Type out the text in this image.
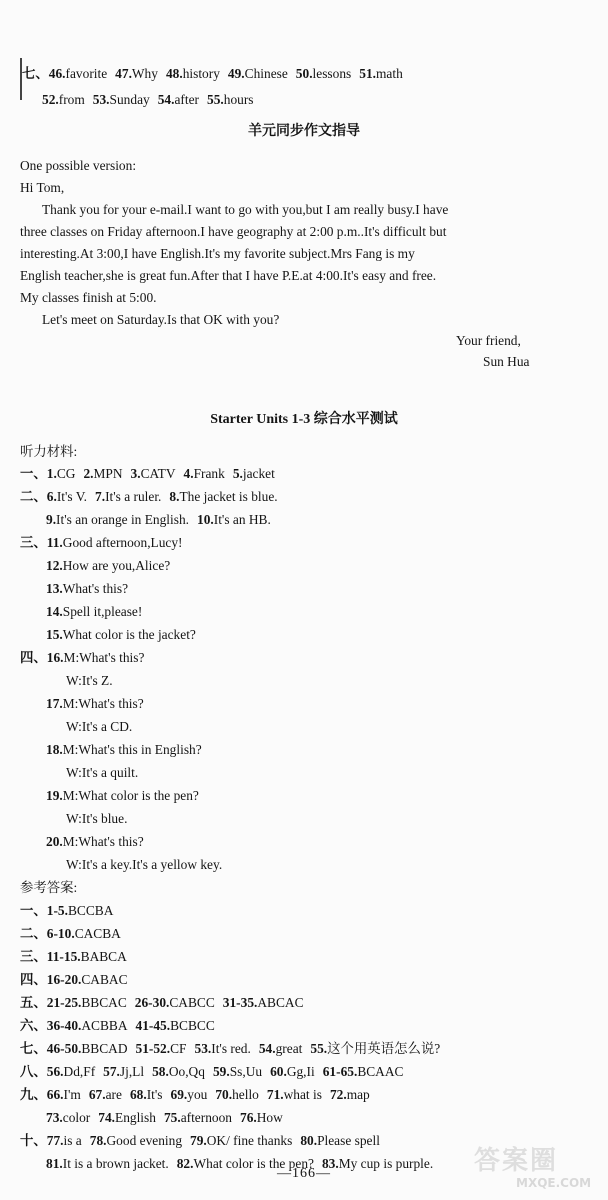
羊元同步作文指导
Starter Units 1-3 综合水平测试
七、46.favorite 47.Why 48.history 49.Chinese 50.lessons 51.math
52.from 53.Sunday 54.after 55.hours
One possible version:
Hi Tom,
Thank you for your e-mail.I want to go with you,but I am really busy.I have
three classes on Friday afternoon.I have geography at 2:00 p.m..It's difficult but
interesting.At 3:00,I have English.It's my favorite subject.Mrs Fang is my
English teacher,she is great fun.After that I have P.E.at 4:00.It's easy and free.
My classes finish at 5:00.
Let's meet on Saturday.Is that OK with you?
Your friend,
Sun Hua
听力材料:
一、1.CG 2.MPN 3.CATV 4.Frank 5.jacket
二、6.It's V. 7.It's a ruler. 8.The jacket is blue.
9.It's an orange in English. 10.It's an HB.
三、11.Good afternoon,Lucy!
12.How are you,Alice?
13.What's this?
14.Spell it,please!
15.What color is the jacket?
四、16.M:What's this?
W:It's Z.
17.M:What's this?
W:It's a CD.
18.M:What's this in English?
W:It's a quilt.
19.M:What color is the pen?
W:It's blue.
20.M:What's this?
W:It's a key.It's a yellow key.
参考答案:
一、1-5.BCCBA
二、6-10.CACBA
三、11-15.BABCA
四、16-20.CABAC
五、21-25.BBCAC 26-30.CABCC 31-35.ABCAC
六、36-40.ACBBA 41-45.BCBCC
七、46-50.BBCAD 51-52.CF 53.It's red. 54.great 55.这个用英语怎么说?
八、56.Dd,Ff 57.Jj,Ll 58.Oo,Qq 59.Ss,Uu 60.Gg,Ii 61-65.BCAAC
九、66.I'm 67.are 68.It's 69.you 70.hello 71.what is 72.map
73.color 74.English 75.afternoon 76.How
十、77.is a 78.Good evening 79.OK/ fine thanks 80.Please spell
81.It is a brown jacket. 82.What color is the pen? 83.My cup is purple.
—166—	答案圈
MXQE.COM
